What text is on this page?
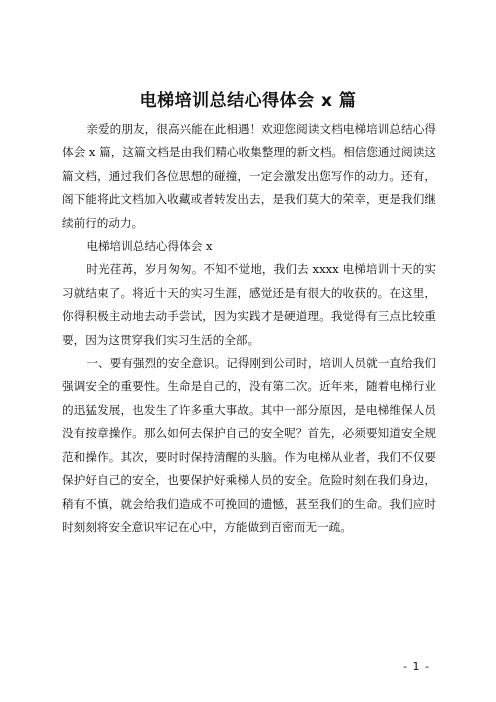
电梯培训总结心得体会 x 篇

亲爱的朋友，很高兴能在此相遇！欢迎您阅读文档电梯培训总结心得体会 x 篇，这篇文档是由我们精心收集整理的新文档。相信您通过阅读这篇文档，通过我们各位思想的碰撞，一定会激发出您写作的动力。还有，阁下能将此文档加入收藏或者转发出去，是我们莫大的荣幸，更是我们继续前行的动力。

电梯培训总结心得体会 x

时光荏苒，岁月匆匆。不知不觉地，我们去 xxxx 电梯培训十天的实习就结束了。将近十天的实习生涯，感觉还是有很大的收获的。在这里，你得积极主动地去动手尝试，因为实践才是硬道理。我觉得有三点比较重要，因为这贯穿我们实习生活的全部。

一、要有强烈的安全意识。记得刚到公司时，培训人员就一直给我们强调安全的重要性。生命是自己的，没有第二次。近年来，随着电梯行业的迅猛发展，也发生了许多重大事故。其中一部分原因，是电梯维保人员没有按章操作。那么如何去保护自己的安全呢？首先，必须要知道安全规范和操作。其次，要时时保持清醒的头脑。作为电梯从业者，我们不仅要保护好自己的安全，也要保护好乘梯人员的安全。危险时刻在我们身边，稍有不慎，就会给我们造成不可挽回的遗憾，甚至我们的生命。我们应时时刻刻将安全意识牢记在心中，方能做到百密而无一疏。

- 1 -
